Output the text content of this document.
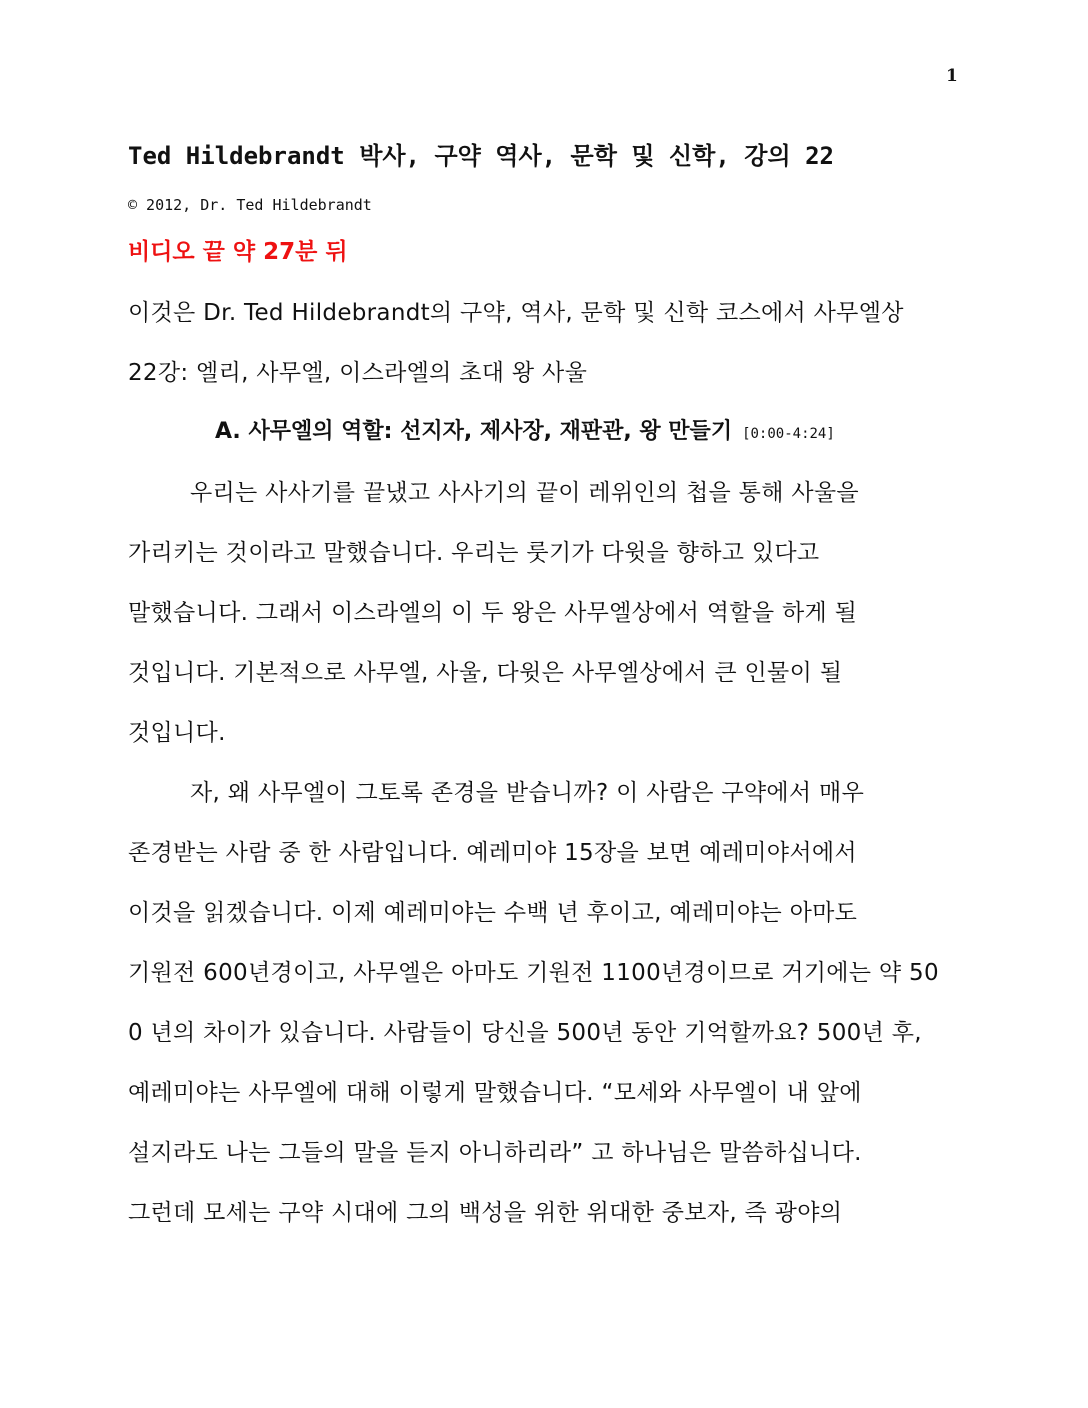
1
Ted Hildebrandt 박사, 구약 역사, 문학 및 신학, 강의 22
© 2012, Dr. Ted Hildebrandt
비디오 끝 약 27분 뒤
이것은 Dr. Ted Hildebrandt의 구약, 역사, 문학 및 신학 코스에서 사무엘상
22강: 엘리, 사무엘, 이스라엘의 초대 왕 사울
A. 사무엘의 역할: 선지자, 제사장, 재판관, 왕 만들기 [0:00-4:24]
우리는 사사기를 끝냈고 사사기의 끝이 레위인의 첩을 통해 사울을
가리키는 것이라고 말했습니다. 우리는 룻기가 다윗을 향하고 있다고
말했습니다. 그래서 이스라엘의 이 두 왕은 사무엘상에서 역할을 하게 될
것입니다. 기본적으로 사무엘, 사울, 다윗은 사무엘상에서 큰 인물이 될
것입니다.
자, 왜 사무엘이 그토록 존경을 받습니까? 이 사람은 구약에서 매우
존경받는 사람 중 한 사람입니다. 예레미야 15장을 보면 예레미야서에서
이것을 읽겠습니다. 이제 예레미야는 수백 년 후이고, 예레미야는 아마도
기원전 600년경이고, 사무엘은 아마도 기원전 1100년경이므로 거기에는 약 50
0 년의 차이가 있습니다. 사람들이 당신을 500년 동안 기억할까요? 500년 후,
예레미야는 사무엘에 대해 이렇게 말했습니다. “모세와 사무엘이 내 앞에
설지라도 나는 그들의 말을 듣지 아니하리라” 고 하나님은 말씀하십니다.
그런데 모세는 구약 시대에 그의 백성을 위한 위대한 중보자, 즉 광야의
